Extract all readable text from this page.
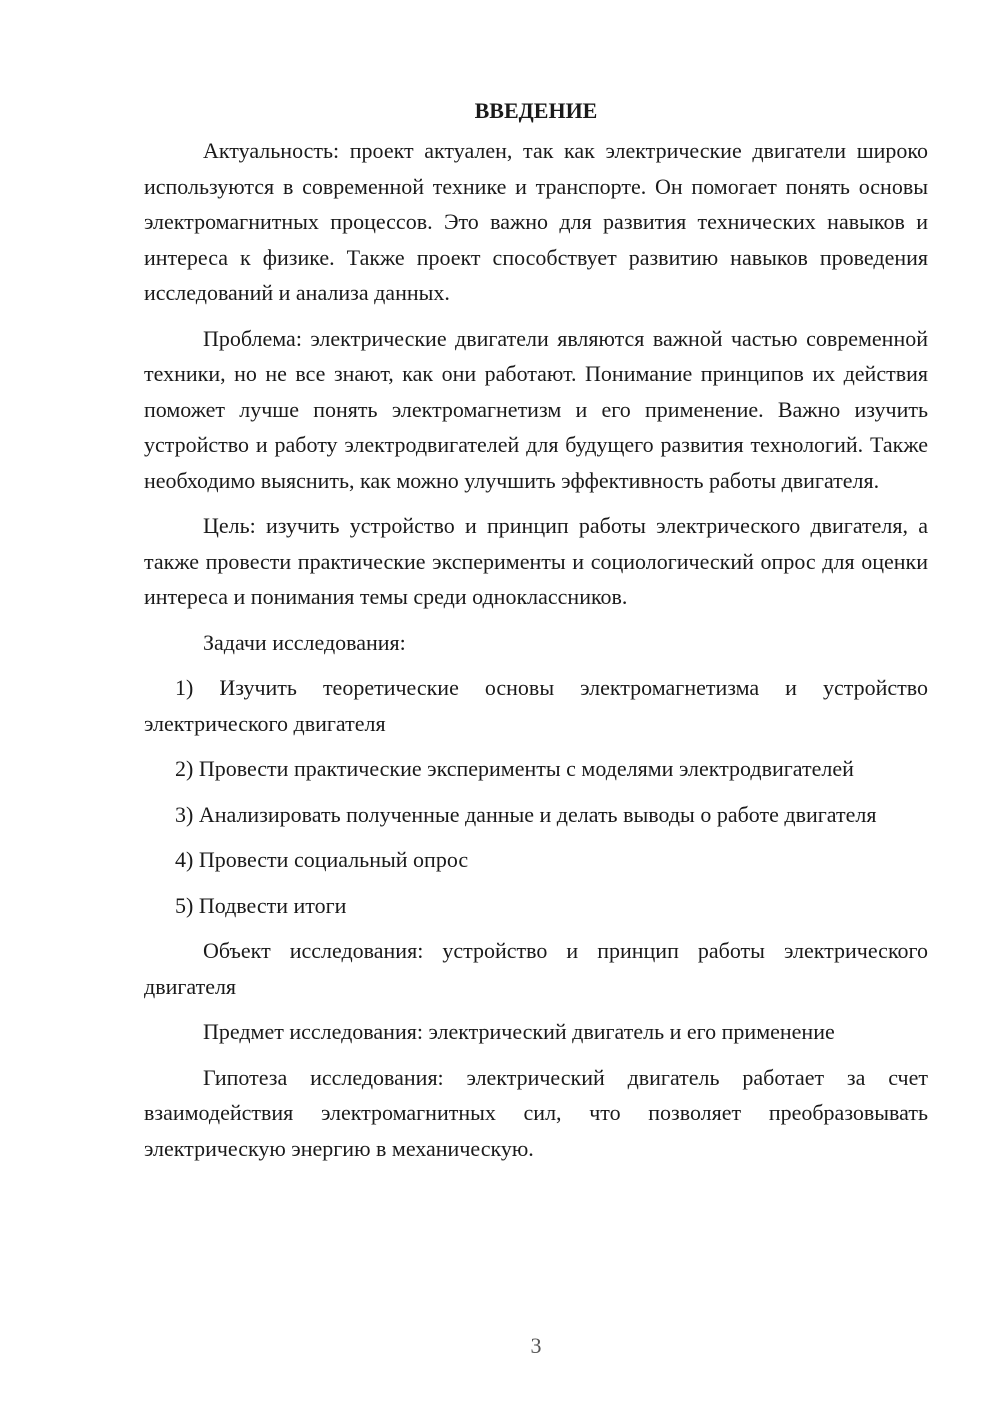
ВВЕДЕНИЕ

Актуальность: проект актуален, так как электрические двигатели широко используются в современной технике и транспорте. Он помогает понять основы электромагнитных процессов. Это важно для развития технических навыков и интереса к физике. Также проект способствует развитию навыков проведения исследований и анализа данных.

Проблема: электрические двигатели являются важной частью современной техники, но не все знают, как они работают. Понимание принципов их действия поможет лучше понять электромагнетизм и его применение. Важно изучить устройство и работу электродвигателей для будущего развития технологий. Также необходимо выяснить, как можно улучшить эффективность работы двигателя.

Цель: изучить устройство и принцип работы электрического двигателя, а также провести практические эксперименты и социологический опрос для оценки интереса и понимания темы среди одноклассников.

Задачи исследования:

1) Изучить теоретические основы электромагнетизма и устройство электрического двигателя

2) Провести практические эксперименты с моделями электродвигателей

3) Анализировать полученные данные и делать выводы о работе двигателя

4) Провести социальный опрос

5) Подвести итоги

Объект исследования: устройство и принцип работы электрического двигателя

Предмет исследования: электрический двигатель и его применение

Гипотеза исследования: электрический двигатель работает за счет взаимодействия электромагнитных сил, что позволяет преобразовывать электрическую энергию в механическую.

3
